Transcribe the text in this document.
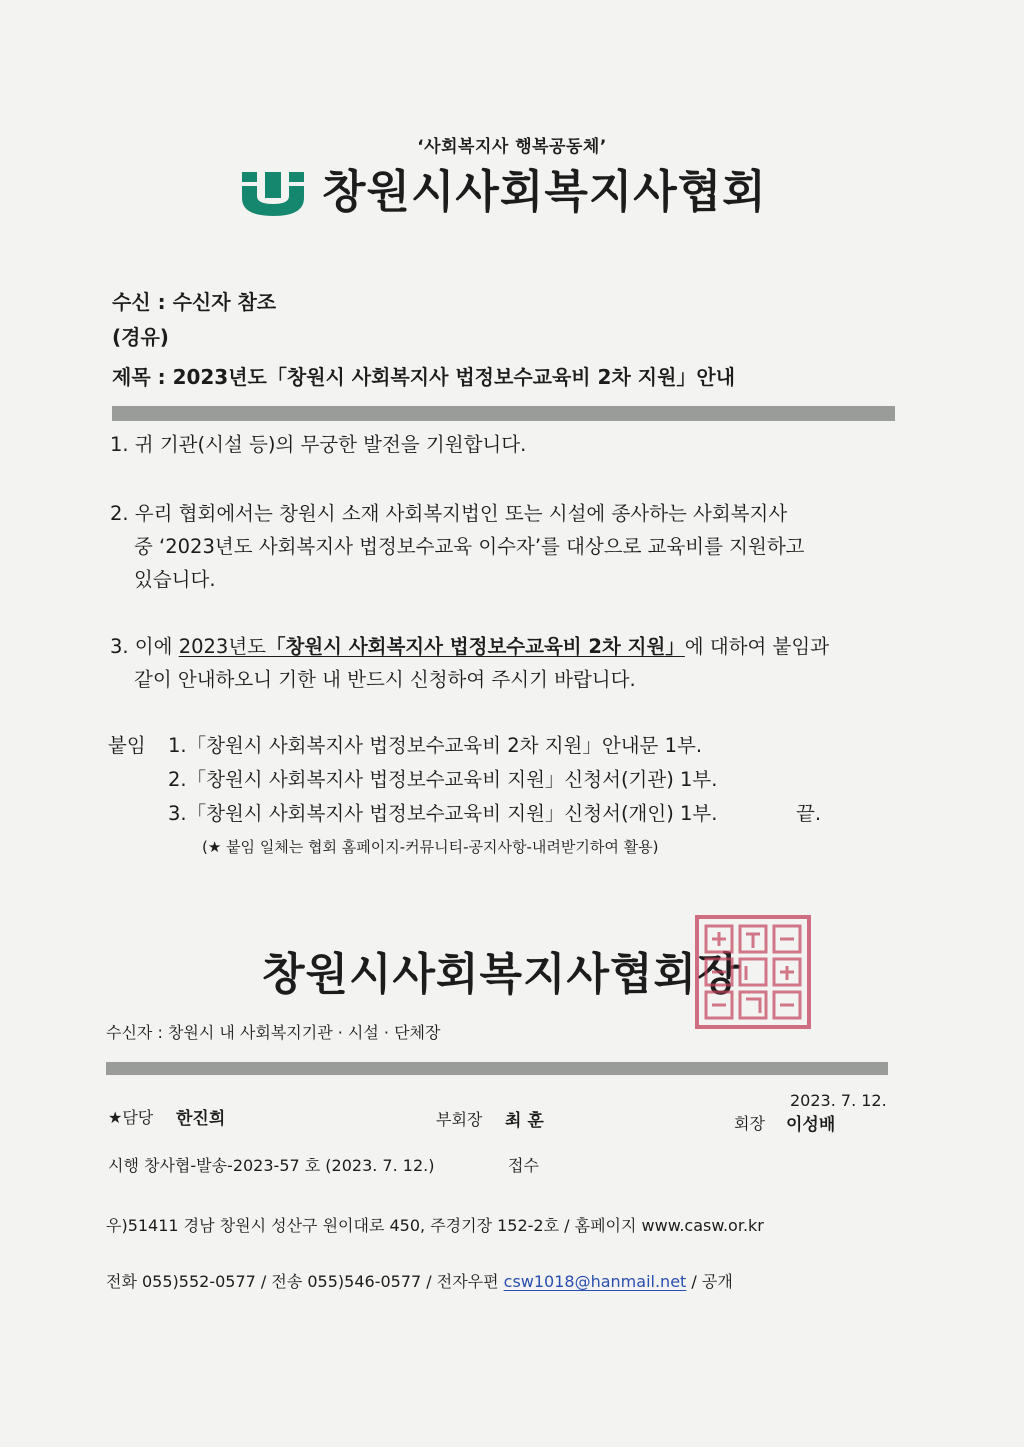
‘사회복지사 행복공동체’
창원시사회복지사협회
수신 : 수신자 참조
(경유)
제목 : 2023년도「창원시 사회복지사 법정보수교육비 2차 지원」안내
1. 귀 기관(시설 등)의 무궁한 발전을 기원합니다.
2. 우리 협회에서는 창원시 소재 사회복지법인 또는 시설에 종사하는 사회복지사
중 ‘2023년도 사회복지사 법정보수교육 이수자’를 대상으로 교육비를 지원하고
있습니다.
3. 이에 2023년도「창원시 사회복지사 법정보수교육비 2차 지원」에 대하여 붙임과
같이 안내하오니 기한 내 반드시 신청하여 주시기 바랍니다.
붙임 1.「창원시 사회복지사 법정보수교육비 2차 지원」안내문 1부.
2.「창원시 사회복지사 법정보수교육비 지원」신청서(기관) 1부.
3.「창원시 사회복지사 법정보수교육비 지원」신청서(개인) 1부.	끝.
(★ 붙임 일체는 협회 홈페이지-커뮤니티-공지사항-내려받기하여 활용)
창원시사회복지사협회장
수신자 : 창원시 내 사회복지기관 · 시설 · 단체장
2023. 7. 12.
★담당 한진희	부회장 최 훈	회장 이성배
시행 창사협-발송-2023-57 호 (2023. 7. 12.)	접수
우)51411 경남 창원시 성산구 원이대로 450, 주경기장 152-2호 / 홈페이지 www.casw.or.kr
전화 055)552-0577 / 전송 055)546-0577 / 전자우편 csw1018@hanmail.net / 공개
